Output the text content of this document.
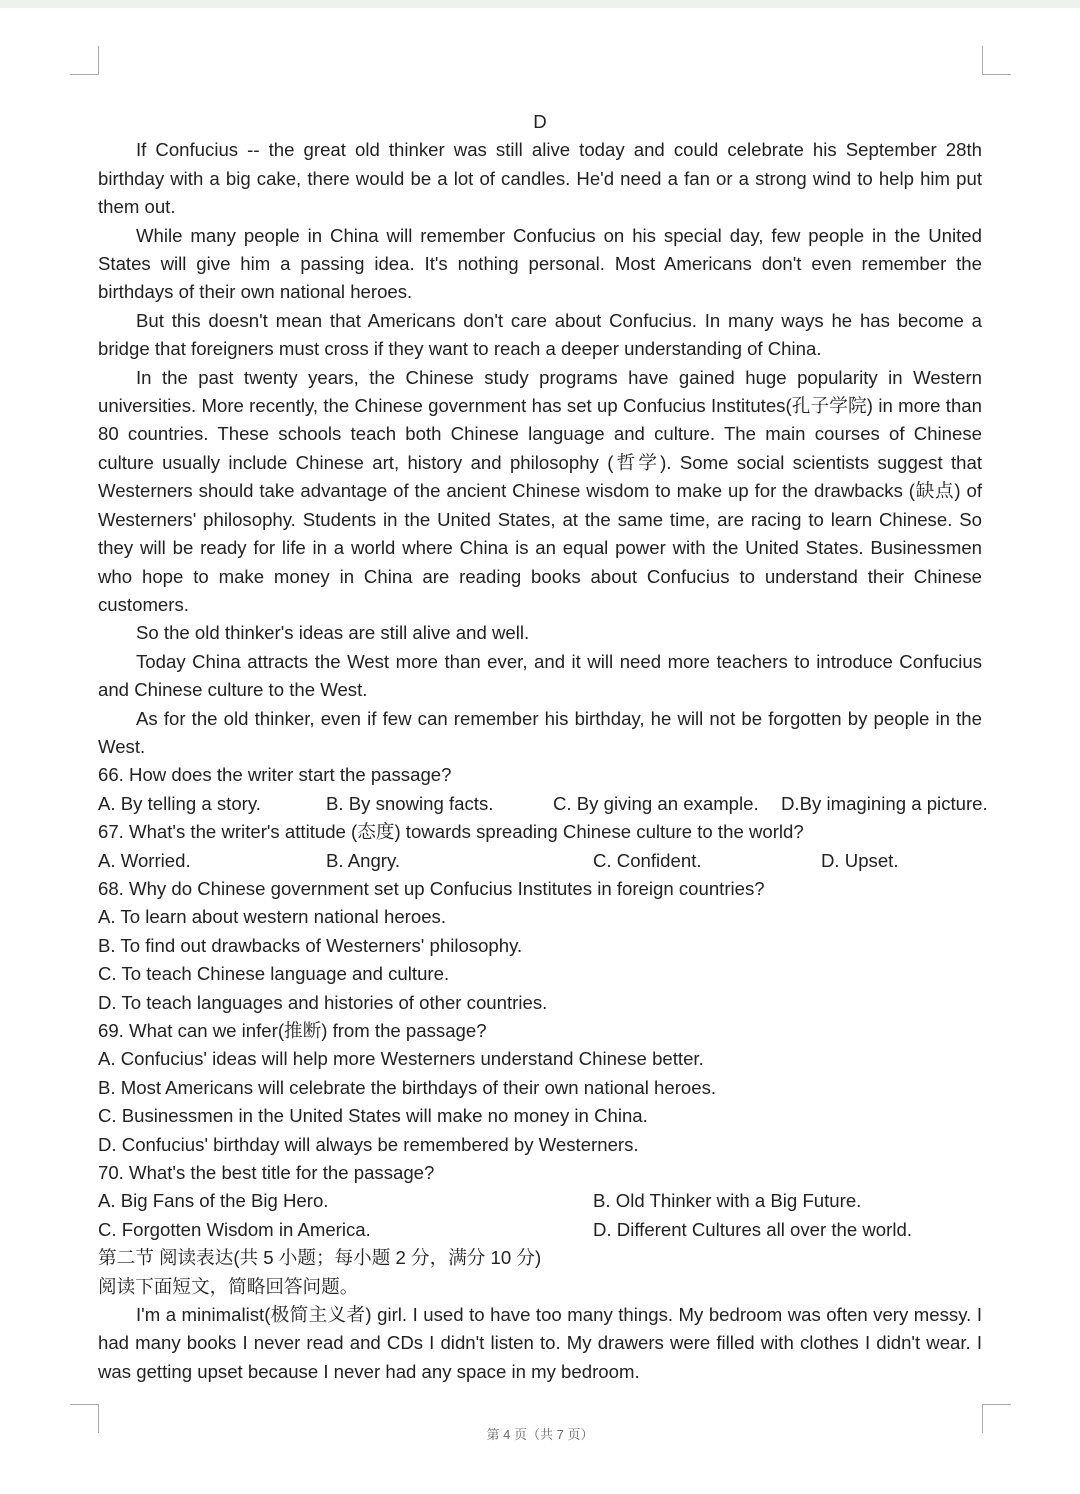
D

If Confucius -- the great old thinker was still alive today and could celebrate his September 28th birthday with a big cake, there would be a lot of candles. He'd need a fan or a strong wind to help him put them out.

While many people in China will remember Confucius on his special day, few people in the United States will give him a passing idea. It's nothing personal. Most Americans don't even remember the birthdays of their own national heroes.

But this doesn't mean that Americans don't care about Confucius. In many ways he has become a bridge that foreigners must cross if they want to reach a deeper understanding of China.

In the past twenty years, the Chinese study programs have gained huge popularity in Western universities. More recently, the Chinese government has set up Confucius Institutes(孔子学院) in more than 80 countries. These schools teach both Chinese language and culture. The main courses of Chinese culture usually include Chinese art, history and philosophy (哲学). Some social scientists suggest that Westerners should take advantage of the ancient Chinese wisdom to make up for the drawbacks (缺点) of Westerners' philosophy. Students in the United States, at the same time, are racing to learn Chinese. So they will be ready for life in a world where China is an equal power with the United States. Businessmen who hope to make money in China are reading books about Confucius to understand their Chinese customers.

So the old thinker's ideas are still alive and well.

Today China attracts the West more than ever, and it will need more teachers to introduce Confucius and Chinese culture to the West.

As for the old thinker, even if few can remember his birthday, he will not be forgotten by people in the West.

66. How does the writer start the passage?

A. By telling a story.	B. By snowing facts.	C. By giving an example. D.By imagining a picture.

67. What's the writer's attitude (态度) towards spreading Chinese culture to the world?

A. Worried.	B. Angry.	C. Confident.	D. Upset.

68. Why do Chinese government set up Confucius Institutes in foreign countries?

A. To learn about western national heroes.
B. To find out drawbacks of Westerners' philosophy.
C. To teach Chinese language and culture.
D. To teach languages and histories of other countries.

69. What can we infer(推断) from the passage?

A. Confucius' ideas will help more Westerners understand Chinese better.
B. Most Americans will celebrate the birthdays of their own national heroes.
C. Businessmen in the United States will make no money in China.
D. Confucius' birthday will always be remembered by Westerners.

70. What's the best title for the passage?

A. Big Fans of the Big Hero.	B. Old Thinker with a Big Future.
C. Forgotten Wisdom in America.	D. Different Cultures all over the world.

第二节 阅读表达(共 5 小题；每小题 2 分，满分 10 分)

阅读下面短文，简略回答问题。

I'm a minimalist(极简主义者) girl. I used to have too many things. My bedroom was often very messy. I had many books I never read and CDs I didn't listen to. My drawers were filled with clothes I didn't wear. I was getting upset because I never had any space in my bedroom.

第 4 页（共 7 页）
